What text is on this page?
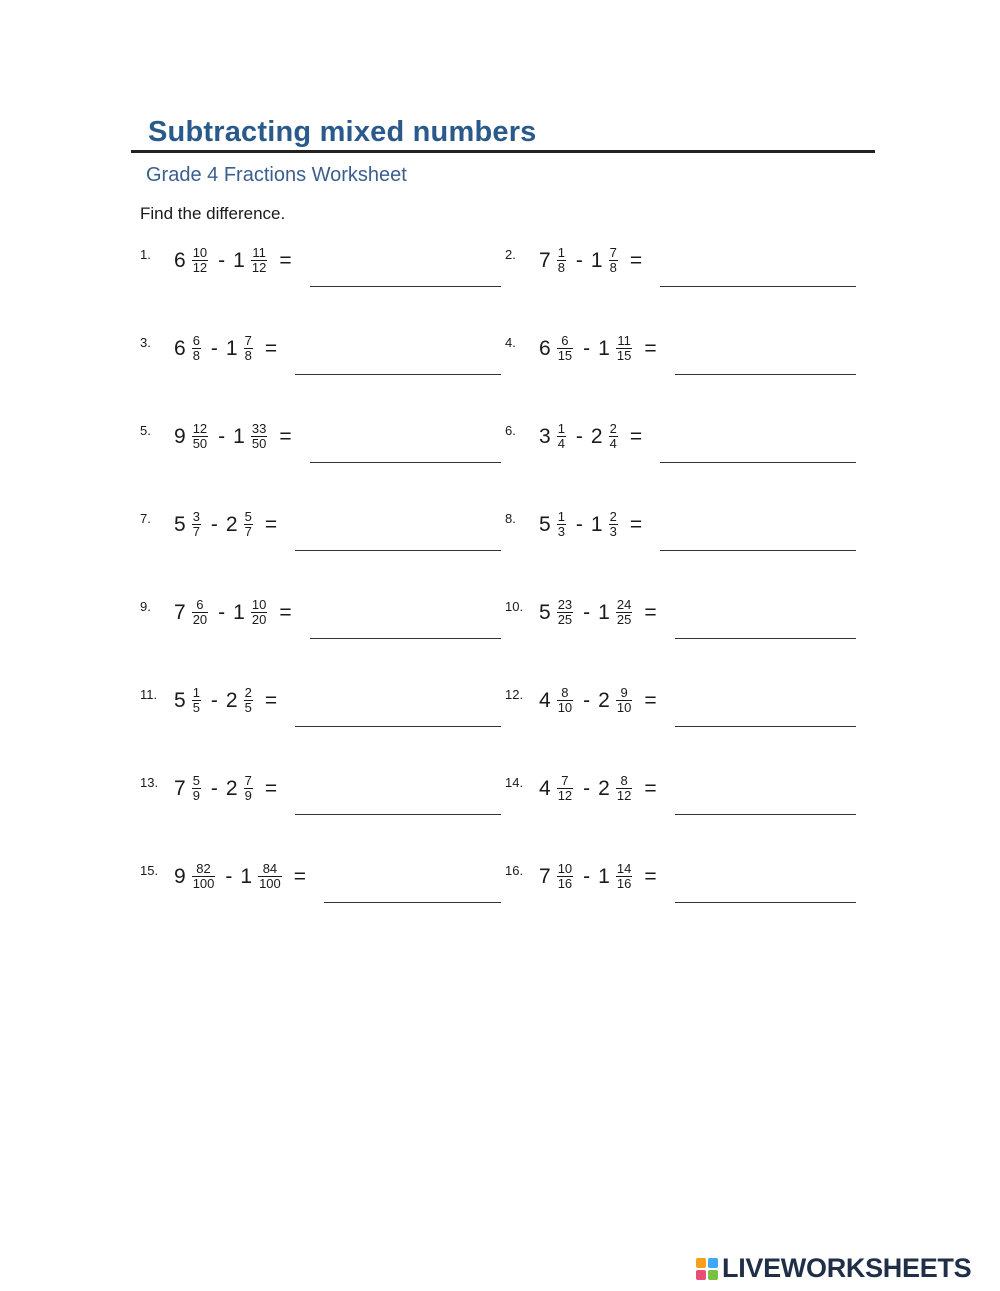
Subtracting mixed numbers
Grade 4 Fractions Worksheet
Find the difference.
1.	$6 \frac{10}{12} - 1 \frac{11}{12}$ =	2.	$7 \frac{1}{8} - 1 \frac{7}{8}$ =
3.	$6 \frac{6}{8} - 1 \frac{7}{8}$ =	4.	$6 \frac{6}{15} - 1 \frac{11}{15}$ =
5.	$9 \frac{12}{50} - 1 \frac{33}{50}$ =	6.	$3 \frac{1}{4} - 2 \frac{2}{4}$ =
7.	$5 \frac{3}{7} - 2 \frac{5}{7}$ =	8.	$5 \frac{1}{3} - 1 \frac{2}{3}$ =
9.	$7 \frac{6}{20} - 1 \frac{10}{20}$ =	10. $5 \frac{23}{25} - 1 \frac{24}{25}$ =
11. $5 \frac{1}{5} - 2 \frac{2}{5}$ =	12. $4 \frac{8}{10} - 2 \frac{9}{10}$ =
13. $7 \frac{5}{9} - 2 \frac{7}{9}$ =	14. $4 \frac{7}{12} - 2 \frac{8}{12}$ =
15. $9 \frac{82}{100} - 1 \frac{84}{100}$ =	16. $7 \frac{10}{16} - 1 \frac{14}{16}$ =
LIVEWORKSHEETS
